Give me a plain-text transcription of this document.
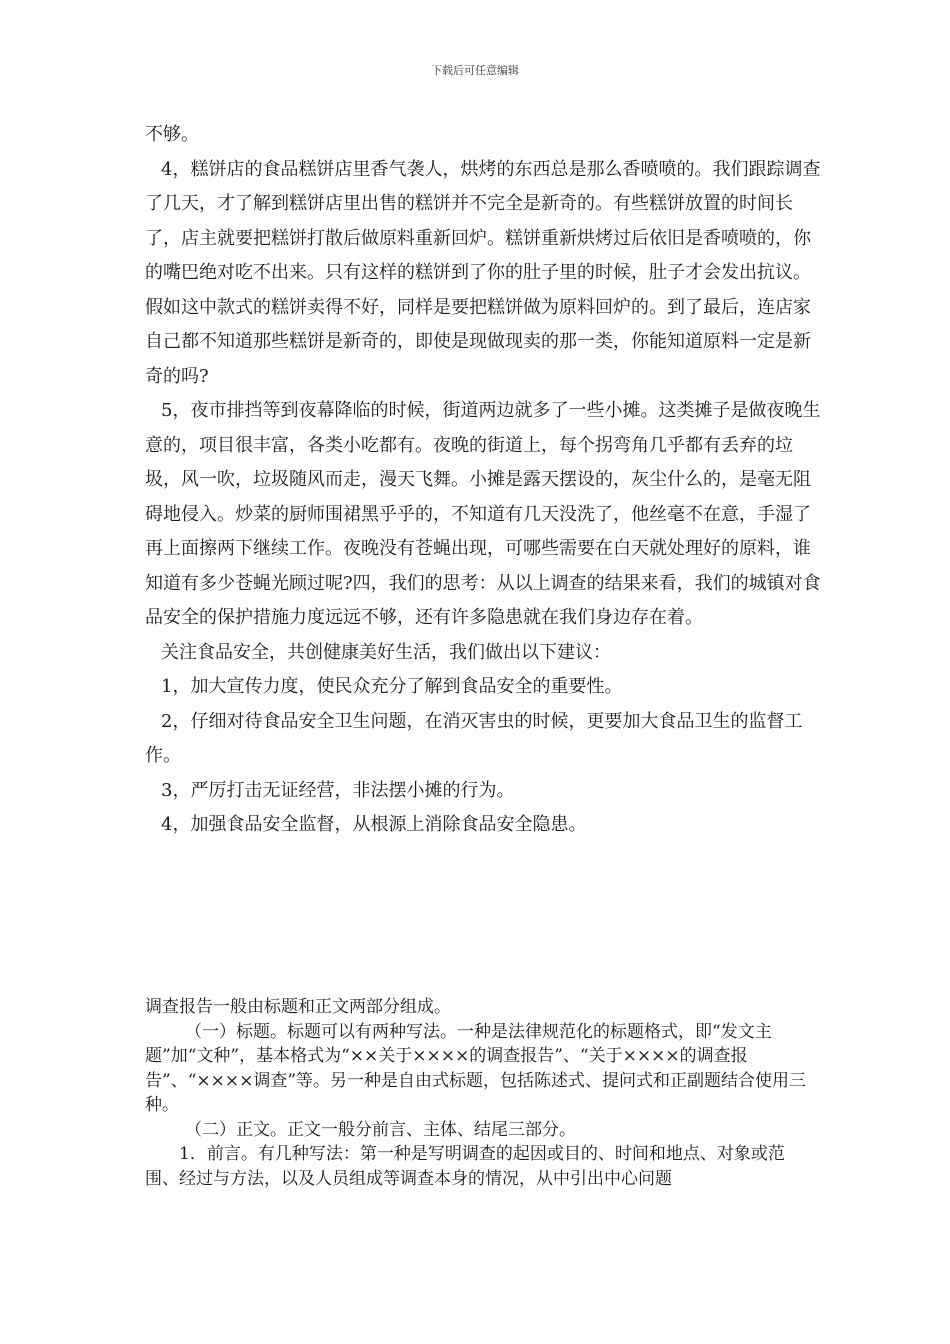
下载后可任意编辑

不够。

4，糕饼店的食品糕饼店里香气袭人，烘烤的东西总是那么香喷喷的。我们跟踪调查了几天，才了解到糕饼店里出售的糕饼并不完全是新奇的。有些糕饼放置的时间长了，店主就要把糕饼打散后做原料重新回炉。糕饼重新烘烤过后依旧是香喷喷的，你的嘴巴绝对吃不出来。只有这样的糕饼到了你的肚子里的时候，肚子才会发出抗议。假如这中款式的糕饼卖得不好，同样是要把糕饼做为原料回炉的。到了最后，连店家自己都不知道那些糕饼是新奇的，即使是现做现卖的那一类，你能知道原料一定是新奇的吗?

5，夜市排挡等到夜幕降临的时候，街道两边就多了一些小摊。这类摊子是做夜晚生意的，项目很丰富，各类小吃都有。夜晚的街道上，每个拐弯角几乎都有丢弃的垃圾，风一吹，垃圾随风而走，漫天飞舞。小摊是露天摆设的，灰尘什么的，是毫无阻碍地侵入。炒菜的厨师围裙黑乎乎的，不知道有几天没洗了，他丝毫不在意，手湿了再上面擦两下继续工作。夜晚没有苍蝇出现，可哪些需要在白天就处理好的原料，谁知道有多少苍蝇光顾过呢?四，我们的思考：从以上调查的结果来看，我们的城镇对食品安全的保护措施力度远远不够，还有许多隐患就在我们身边存在着。

关注食品安全，共创健康美好生活，我们做出以下建议：

1，加大宣传力度，使民众充分了解到食品安全的重要性。

2，仔细对待食品安全卫生问题，在消灭害虫的时候，更要加大食品卫生的监督工作。

3，严厉打击无证经营，非法摆小摊的行为。

4，加强食品安全监督，从根源上消除食品安全隐患。

调查报告一般由标题和正文两部分组成。

（一）标题。标题可以有两种写法。一种是法律规范化的标题格式，即“发文主题”加“文种”，基本格式为“××关于××××的调查报告”、“关于××××的调查报告”、“××××调查”等。另一种是自由式标题，包括陈述式、提问式和正副题结合使用三种。

（二）正文。正文一般分前言、主体、结尾三部分。

1．前言。有几种写法：第一种是写明调查的起因或目的、时间和地点、对象或范围、经过与方法，以及人员组成等调查本身的情况，从中引出中心问题
